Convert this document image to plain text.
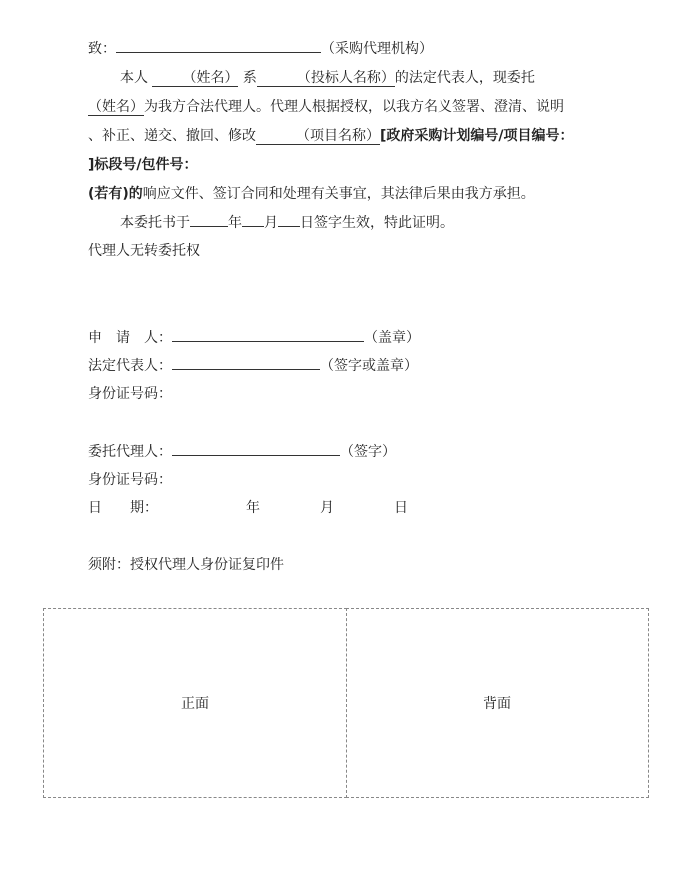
致：	（采购代理机构）
本人 （姓名） 系	（投标人名称）的法定代表人，现委托
（姓名）为我方合法代理人。代理人根据授权，以我方名义签署、澄清、说明
、补正、递交、撤回、修改	（项目名称）[政府采购计划编号/项目编号：
]标段号/包件号：
(若有)的响应文件、签订合同和处理有关事宜，其法律后果由我方承担。
本委托书于	年 月 日签字生效，特此证明。
代理人无转委托权
申　请　人：	（盖章）
法定代表人：	（签字或盖章）
身份证号码：
委托代理人：	（签字）
身份证号码：
日　　期：	年	月	日
须附：授权代理人身份证复印件
正面	背面
